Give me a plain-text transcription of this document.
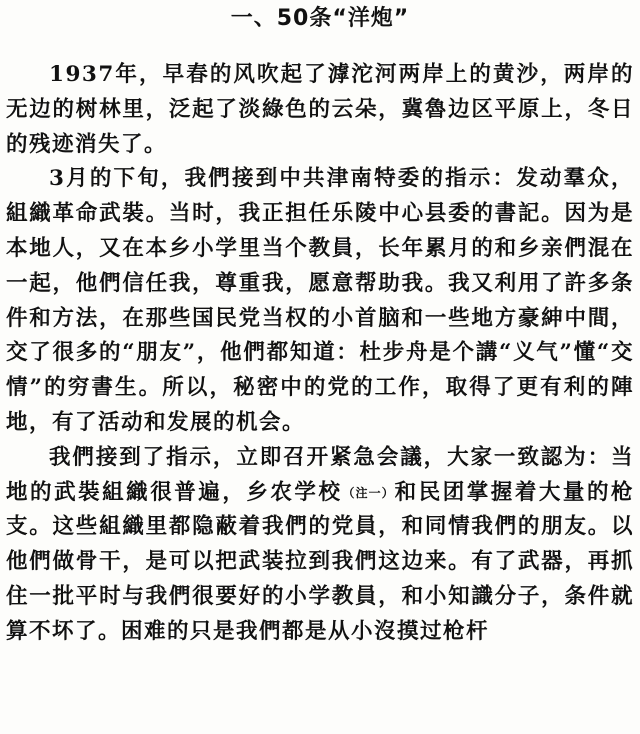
一、50条“洋炮”

1937年，早春的风吹起了滹沱河两岸上的黄沙，两岸的无边的树林里，泛起了淡綠色的云朵，冀魯边区平原上，冬日的残迹消失了。

3月的下旬，我們接到中共津南特委的指示：发动羣众，組織革命武裝。当时，我正担任乐陵中心县委的書記。因为是本地人，又在本乡小学里当个教員，长年累月的和乡亲們混在一起，他們信任我，尊重我，愿意帮助我。我又利用了許多条件和方法，在那些国民党当权的小首脑和一些地方豪紳中間，交了很多的“朋友”，他們都知道：杜步舟是个講“义气”懂“交情”的穷書生。所以，秘密中的党的工作，取得了更有利的陣地，有了活动和发展的机会。

我們接到了指示，立即召开紧急会議，大家一致認为：当地的武裝組織很普遍，乡农学校（注一）和民团掌握着大量的枪支。这些組織里都隐蔽着我們的党員，和同情我們的朋友。以他們做骨干，是可以把武装拉到我們这边来。有了武器，再抓住一批平时与我們很要好的小学教員，和小知識分子，条件就算不坏了。困难的只是我們都是从小沒摸过枪杆
